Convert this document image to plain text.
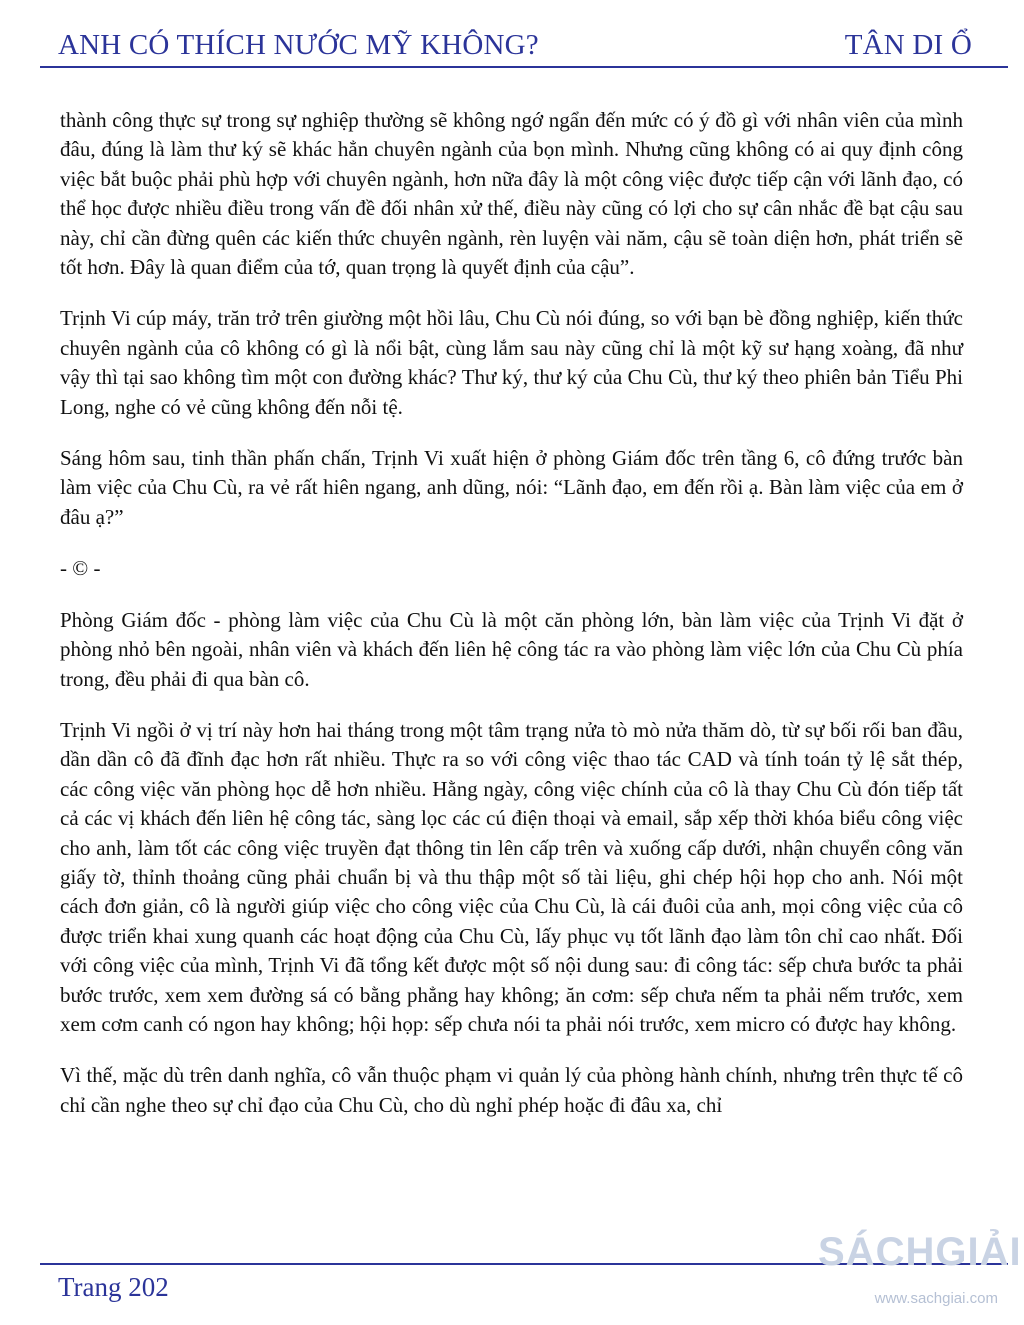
ANH CÓ THÍCH NƯỚC MỸ KHÔNG?	TÂN DI Ổ

thành công thực sự trong sự nghiệp thường sẽ không ngớ ngẩn đến mức có ý đồ gì với nhân viên của mình đâu, đúng là làm thư ký sẽ khác hẳn chuyên ngành của bọn mình. Nhưng cũng không có ai quy định công việc bắt buộc phải phù hợp với chuyên ngành, hơn nữa đây là một công việc được tiếp cận với lãnh đạo, có thể học được nhiều điều trong vấn đề đối nhân xử thế, điều này cũng có lợi cho sự cân nhắc đề bạt cậu sau này, chỉ cần đừng quên các kiến thức chuyên ngành, rèn luyện vài năm, cậu sẽ toàn diện hơn, phát triển sẽ tốt hơn. Đây là quan điểm của tớ, quan trọng là quyết định của cậu”.

Trịnh Vi cúp máy, trăn trở trên giường một hồi lâu, Chu Cù nói đúng, so với bạn bè đồng nghiệp, kiến thức chuyên ngành của cô không có gì là nổi bật, cùng lắm sau này cũng chỉ là một kỹ sư hạng xoàng, đã như vậy thì tại sao không tìm một con đường khác? Thư ký, thư ký của Chu Cù, thư ký theo phiên bản Tiểu Phi Long, nghe có vẻ cũng không đến nỗi tệ.

Sáng hôm sau, tinh thần phấn chấn, Trịnh Vi xuất hiện ở phòng Giám đốc trên tầng 6, cô đứng trước bàn làm việc của Chu Cù, ra vẻ rất hiên ngang, anh dũng, nói: “Lãnh đạo, em đến rồi ạ. Bàn làm việc của em ở đâu ạ?”

- © -

Phòng Giám đốc - phòng làm việc của Chu Cù là một căn phòng lớn, bàn làm việc của Trịnh Vi đặt ở phòng nhỏ bên ngoài, nhân viên và khách đến liên hệ công tác ra vào phòng làm việc lớn của Chu Cù phía trong, đều phải đi qua bàn cô.

Trịnh Vi ngồi ở vị trí này hơn hai tháng trong một tâm trạng nửa tò mò nửa thăm dò, từ sự bối rối ban đầu, dần dần cô đã đĩnh đạc hơn rất nhiều. Thực ra so với công việc thao tác CAD và tính toán tỷ lệ sắt thép, các công việc văn phòng học dễ hơn nhiều. Hằng ngày, công việc chính của cô là thay Chu Cù đón tiếp tất cả các vị khách đến liên hệ công tác, sàng lọc các cú điện thoại và email, sắp xếp thời khóa biểu công việc cho anh, làm tốt các công việc truyền đạt thông tin lên cấp trên và xuống cấp dưới, nhận chuyển công văn giấy tờ, thỉnh thoảng cũng phải chuẩn bị và thu thập một số tài liệu, ghi chép hội họp cho anh. Nói một cách đơn giản, cô là người giúp việc cho công việc của Chu Cù, là cái đuôi của anh, mọi công việc của cô được triển khai xung quanh các hoạt động của Chu Cù, lấy phục vụ tốt lãnh đạo làm tôn chỉ cao nhất. Đối với công việc của mình, Trịnh Vi đã tổng kết được một số nội dung sau: đi công tác: sếp chưa bước ta phải bước trước, xem xem đường sá có bằng phẳng hay không; ăn cơm: sếp chưa nếm ta phải nếm trước, xem xem cơm canh có ngon hay không; hội họp: sếp chưa nói ta phải nói trước, xem micro có được hay không.

Vì thế, mặc dù trên danh nghĩa, cô vẫn thuộc phạm vi quản lý của phòng hành chính, nhưng trên thực tế cô chỉ cần nghe theo sự chỉ đạo của Chu Cù, cho dù nghỉ phép hoặc đi đâu xa, chỉ

Trang 202
SÁCHGIẢI
www.sachgiai.com
